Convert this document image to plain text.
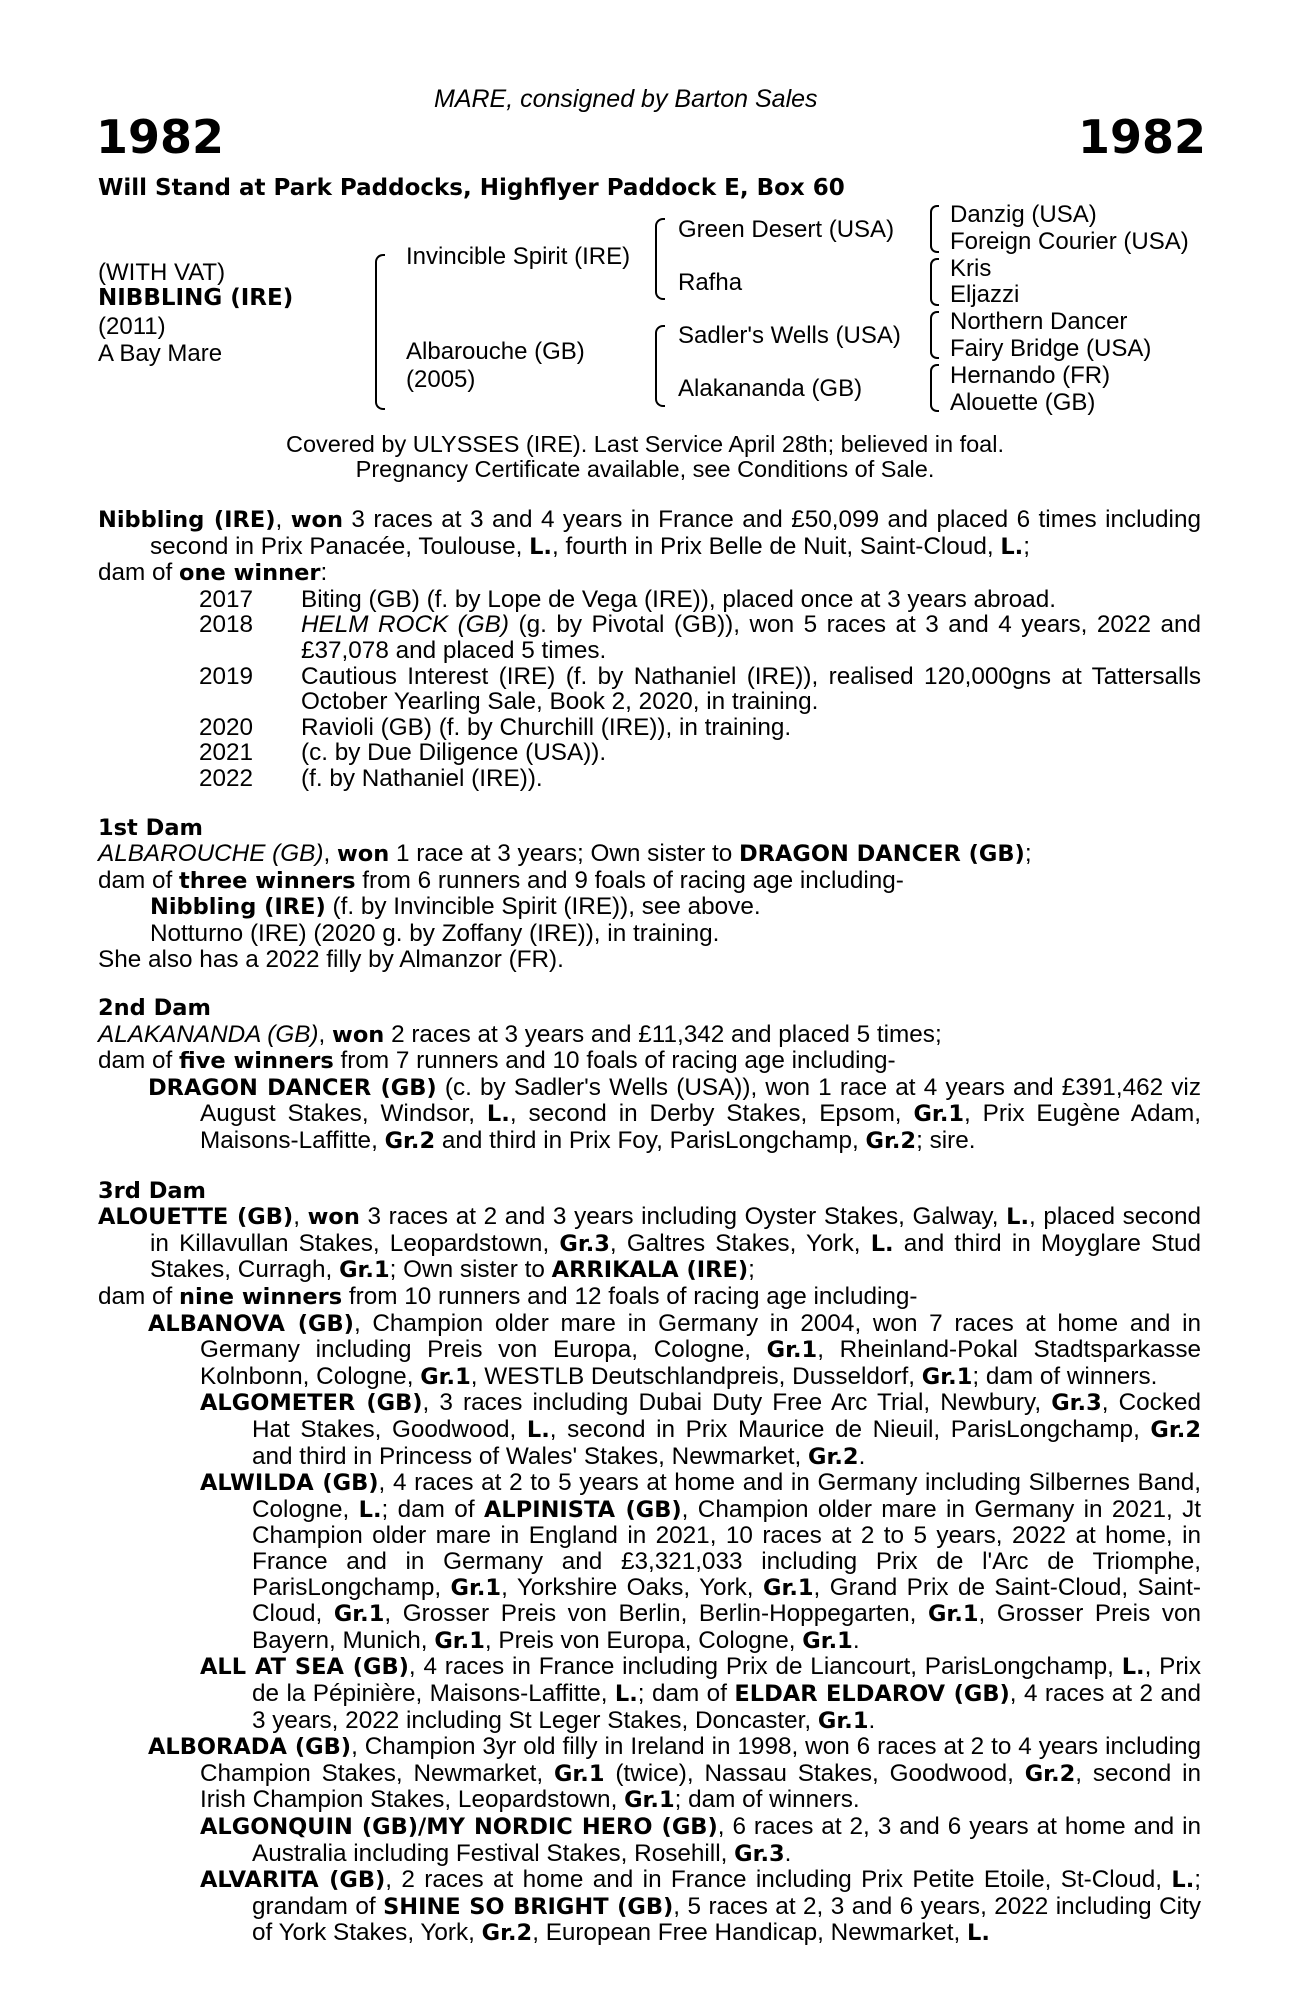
MARE, consigned by Barton Sales
1982	1982
Will Stand at Park Paddocks, Highflyer Paddock E, Box 60
(WITH VAT)
NIBBLING (IRE)
(2011)
A Bay Mare
Invincible Spirit (IRE)
Albarouche (GB)
(2005)
Green Desert (USA)
Rafha
Sadler's Wells (USA)
Alakananda (GB)
Danzig (USA)
Foreign Courier (USA)
Kris
Eljazzi
Northern Dancer
Fairy Bridge (USA)
Hernando (FR)
Alouette (GB)
Covered by ULYSSES (IRE). Last Service April 28th; believed in foal.
Pregnancy Certificate available, see Conditions of Sale.
Nibbling (IRE), won 3 races at 3 and 4 years in France and £50,099 and placed 6 times including second in Prix Panacée, Toulouse, L., fourth in Prix Belle de Nuit, Saint-Cloud, L.;
dam of one winner:
2017 Biting (GB) (f. by Lope de Vega (IRE)), placed once at 3 years abroad.
2018 HELM ROCK (GB) (g. by Pivotal (GB)), won 5 races at 3 and 4 years, 2022 and £37,078 and placed 5 times.
2019 Cautious Interest (IRE) (f. by Nathaniel (IRE)), realised 120,000gns at Tattersalls October Yearling Sale, Book 2, 2020, in training.
2020 Ravioli (GB) (f. by Churchill (IRE)), in training.
2021 (c. by Due Diligence (USA)).
2022 (f. by Nathaniel (IRE)).
1st Dam
ALBAROUCHE (GB), won 1 race at 3 years; Own sister to DRAGON DANCER (GB);
dam of three winners from 6 runners and 9 foals of racing age including-
Nibbling (IRE) (f. by Invincible Spirit (IRE)), see above.
Notturno (IRE) (2020 g. by Zoffany (IRE)), in training.
She also has a 2022 filly by Almanzor (FR).
2nd Dam
ALAKANANDA (GB), won 2 races at 3 years and £11,342 and placed 5 times;
dam of five winners from 7 runners and 10 foals of racing age including-
DRAGON DANCER (GB) (c. by Sadler's Wells (USA)), won 1 race at 4 years and £391,462 viz August Stakes, Windsor, L., second in Derby Stakes, Epsom, Gr.1, Prix Eugène Adam, Maisons-Laffitte, Gr.2 and third in Prix Foy, ParisLongchamp, Gr.2; sire.
3rd Dam
ALOUETTE (GB), won 3 races at 2 and 3 years including Oyster Stakes, Galway, L., placed second in Killavullan Stakes, Leopardstown, Gr.3, Galtres Stakes, York, L. and third in Moyglare Stud Stakes, Curragh, Gr.1; Own sister to ARRIKALA (IRE);
dam of nine winners from 10 runners and 12 foals of racing age including-
ALBANOVA (GB), Champion older mare in Germany in 2004, won 7 races at home and in Germany including Preis von Europa, Cologne, Gr.1, Rheinland-Pokal Stadtsparkasse Kolnbonn, Cologne, Gr.1, WESTLB Deutschlandpreis, Dusseldorf, Gr.1; dam of winners.
ALGOMETER (GB), 3 races including Dubai Duty Free Arc Trial, Newbury, Gr.3, Cocked Hat Stakes, Goodwood, L., second in Prix Maurice de Nieuil, ParisLongchamp, Gr.2 and third in Princess of Wales' Stakes, Newmarket, Gr.2.
ALWILDA (GB), 4 races at 2 to 5 years at home and in Germany including Silbernes Band, Cologne, L.; dam of ALPINISTA (GB), Champion older mare in Germany in 2021, Jt Champion older mare in England in 2021, 10 races at 2 to 5 years, 2022 at home, in France and in Germany and £3,321,033 including Prix de l'Arc de Triomphe, ParisLongchamp, Gr.1, Yorkshire Oaks, York, Gr.1, Grand Prix de Saint-Cloud, Saint-Cloud, Gr.1, Grosser Preis von Berlin, Berlin-Hoppegarten, Gr.1, Grosser Preis von Bayern, Munich, Gr.1, Preis von Europa, Cologne, Gr.1.
ALL AT SEA (GB), 4 races in France including Prix de Liancourt, ParisLongchamp, L., Prix de la Pépinière, Maisons-Laffitte, L.; dam of ELDAR ELDAROV (GB), 4 races at 2 and 3 years, 2022 including St Leger Stakes, Doncaster, Gr.1.
ALBORADA (GB), Champion 3yr old filly in Ireland in 1998, won 6 races at 2 to 4 years including Champion Stakes, Newmarket, Gr.1 (twice), Nassau Stakes, Goodwood, Gr.2, second in Irish Champion Stakes, Leopardstown, Gr.1; dam of winners.
ALGONQUIN (GB)/MY NORDIC HERO (GB), 6 races at 2, 3 and 6 years at home and in Australia including Festival Stakes, Rosehill, Gr.3.
ALVARITA (GB), 2 races at home and in France including Prix Petite Etoile, St-Cloud, L.; grandam of SHINE SO BRIGHT (GB), 5 races at 2, 3 and 6 years, 2022 including City of York Stakes, York, Gr.2, European Free Handicap, Newmarket, L.
